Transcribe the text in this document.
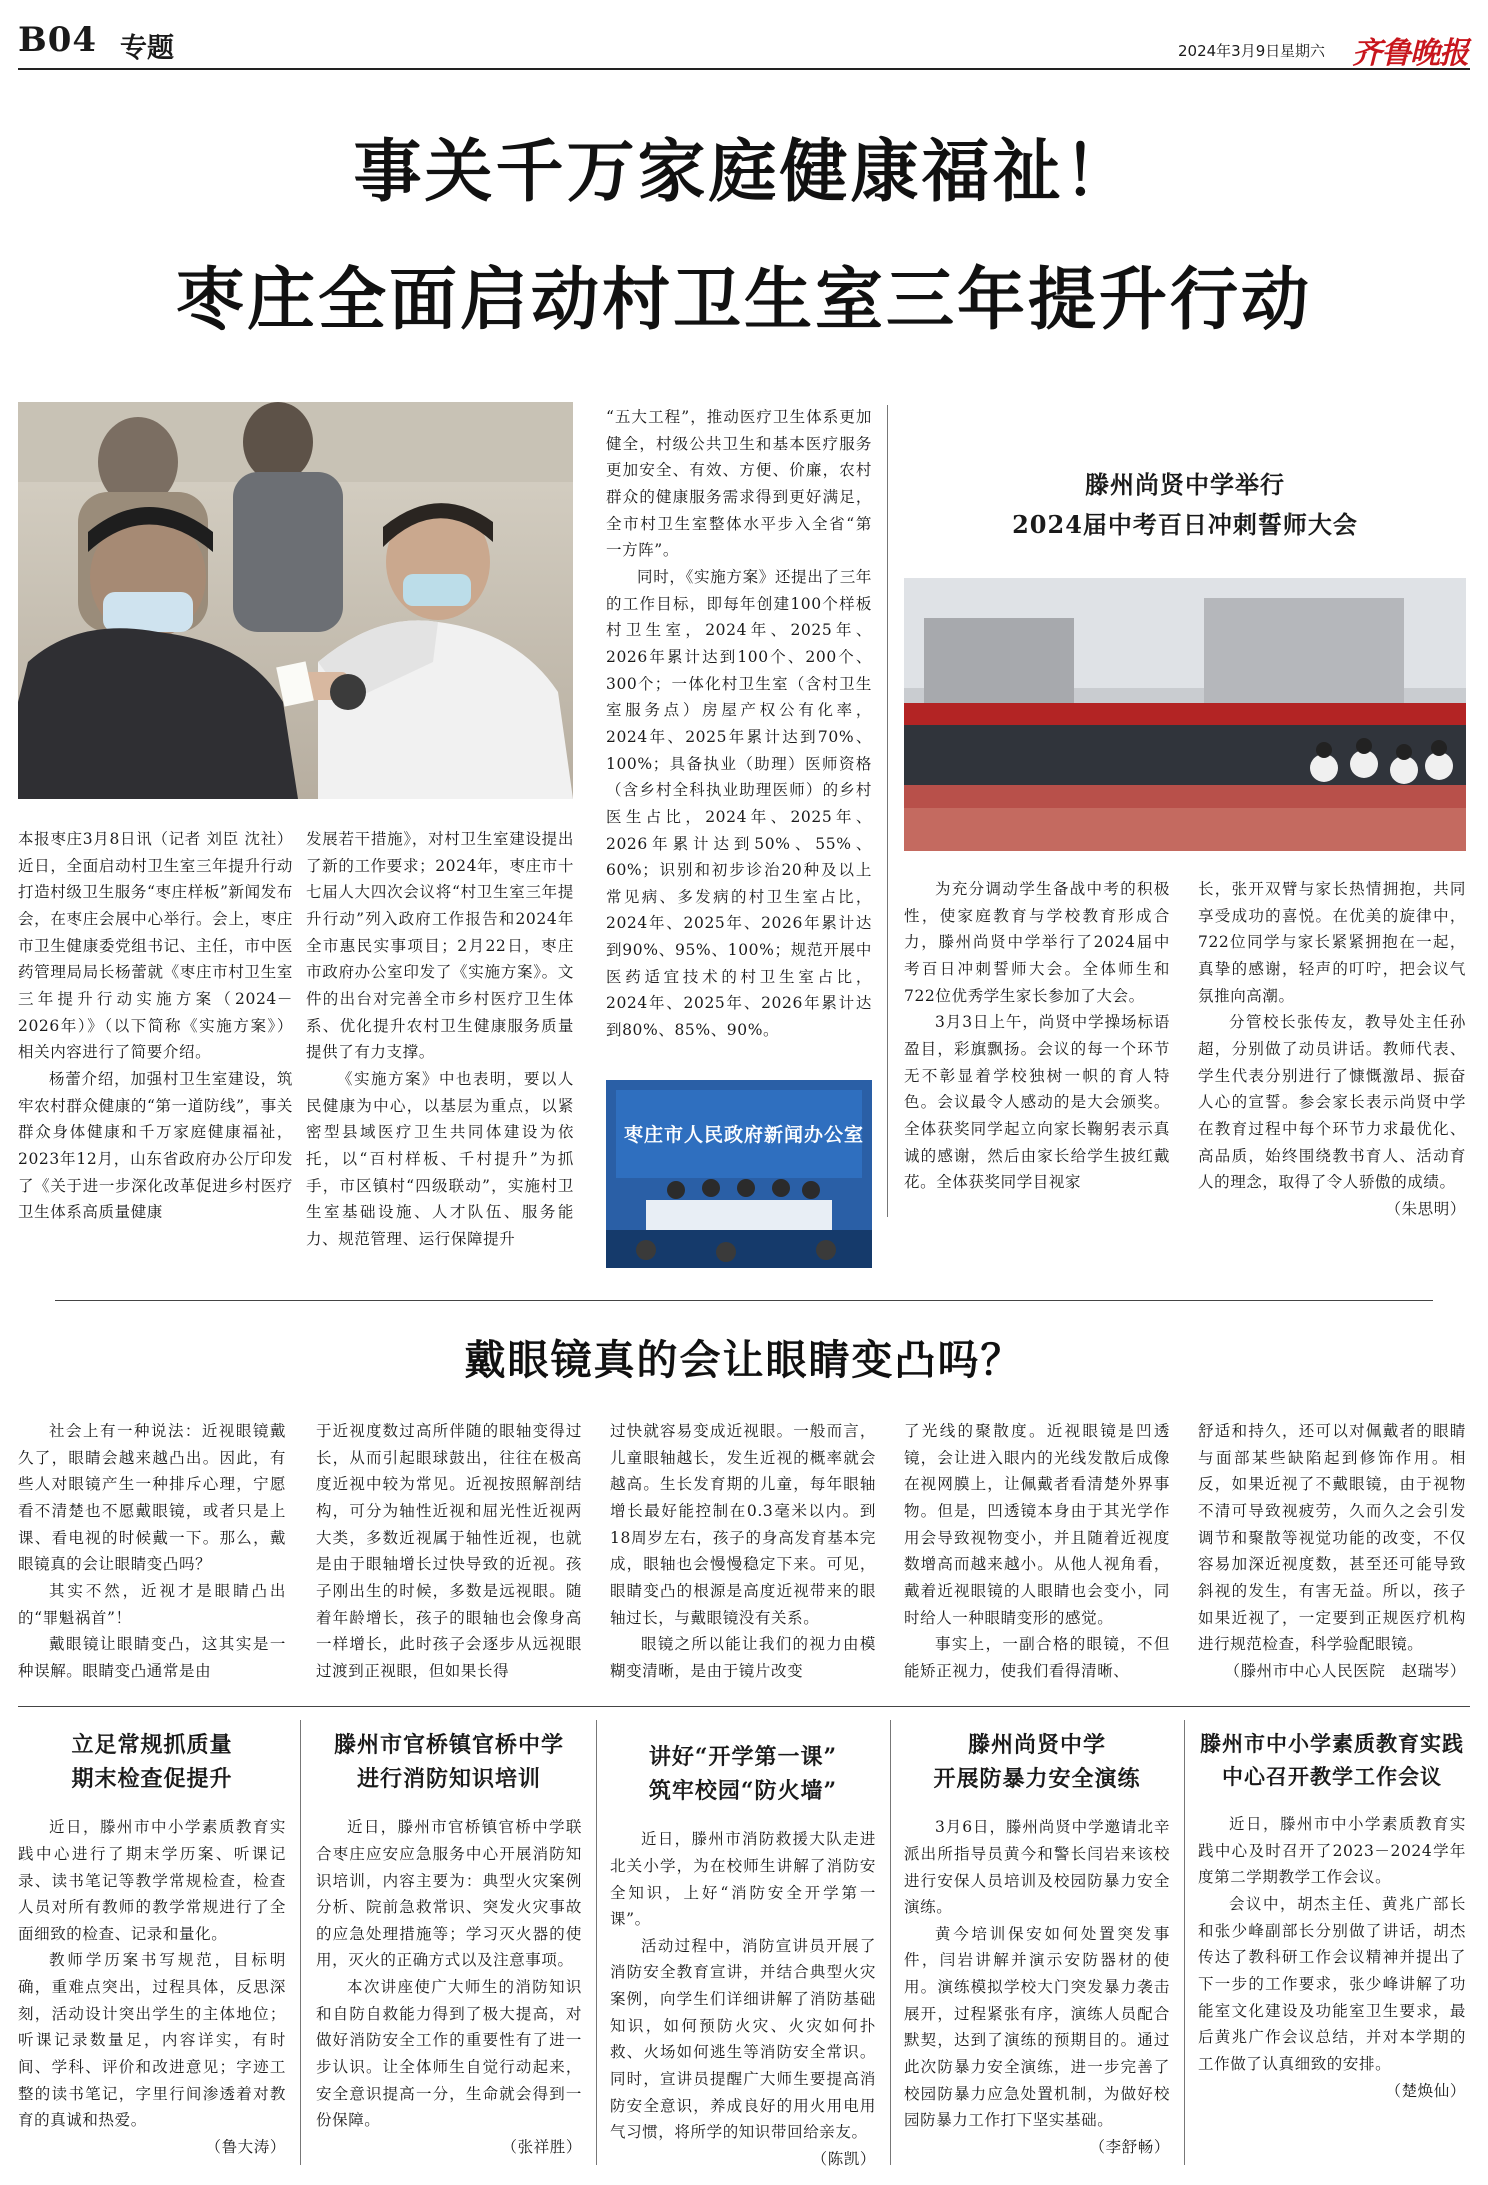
B04 专题	2024年3月9日 星期六 齐鲁晚报
事关千万家庭健康福祉！
枣庄全面启动村卫生室三年提升行动

本报枣庄3月8日讯（记者 刘臣 沈社） 近日，全面启动村卫生室三年提升行动打造村级卫生服务“枣庄样板”新闻发布会，在枣庄会展中心举行。会上，枣庄市卫生健康委党组书记、主任，市中医药管理局局长杨蕾就《枣庄市村卫生室三年提升行动实施方案（2024－2026年）》（以下简称《实施方案》）相关内容进行了简要介绍。

杨蕾介绍，加强村卫生室建设，筑牢农村群众健康的“第一道防线”，事关群众身体健康和千万家庭健康福祉，2023年12月，山东省政府办公厅印发了《关于进一步深化改革促进乡村医疗卫生体系高质量健康

发展若干措施》，对村卫生室建设提出了新的工作要求；2024年，枣庄市十七届人大四次会议将“村卫生室三年提升行动”列入政府工作报告和2024年全市惠民实事项目；2月22日，枣庄市政府办公室印发了《实施方案》。文件的出台对完善全市乡村医疗卫生体系、优化提升农村卫生健康服务质量提供了有力支撑。

《实施方案》中也表明，要以人民健康为中心，以基层为重点，以紧密型县域医疗卫生共同体建设为依托，以“百村样板、千村提升”为抓手，市区镇村“四级联动”，实施村卫生室基础设施、人才队伍、服务能力、规范管理、运行保障提升

“五大工程”，推动医疗卫生体系更加健全，村级公共卫生和基本医疗服务更加安全、有效、方便、价廉，农村群众的健康服务需求得到更好满足，全市村卫生室整体水平步入全省“第一方阵”。

同时，《实施方案》还提出了三年的工作目标，即每年创建100个样板村卫生室，2024年、2025年、2026年累计达到100个、200个、300个；一体化村卫生室（含村卫生室服务点）房屋产权公有化率，2024年、2025年累计达到70%、100%；具备执业（助理）医师资格（含乡村全科执业助理医师）的乡村医生占比，2024年、2025年、2026年累计达到50%、55%、60%；识别和初步诊治20种及以上常见病、多发病的村卫生室占比，2024年、2025年、2026年累计达到90%、95%、100%；规范开展中医药适宜技术的村卫生室占比，2024年、2025年、2026年累计达到80%、85%、90%。

枣庄市人民政府新闻办公室
滕州尚贤中学举行
2024届中考百日冲刺誓师大会

为充分调动学生备战中考的积极性，使家庭教育与学校教育形成合力，滕州尚贤中学举行了2024届中考百日冲刺誓师大会。全体师生和722位优秀学生家长参加了大会。

3月3日上午，尚贤中学操场标语盈目，彩旗飘扬。会议的每一个环节无不彰显着学校独树一帜的育人特色。会议最令人感动的是大会颁奖。全体获奖同学起立向家长鞠躬表示真诚的感谢，然后由家长给学生披红戴花。全体获奖同学目视家

长，张开双臂与家长热情拥抱，共同享受成功的喜悦。在优美的旋律中，722位同学与家长紧紧拥抱在一起，真挚的感谢，轻声的叮咛，把会议气氛推向高潮。

分管校长张传友，教导处主任孙超，分别做了动员讲话。教师代表、学生代表分别进行了慷慨激昂、振奋人心的宣誓。参会家长表示尚贤中学在教育过程中每个环节力求最优化、高品质，始终围绕教书育人、活动育人的理念，取得了令人骄傲的成绩。

（朱思明）
戴眼镜真的会让眼睛变凸吗？

社会上有一种说法：近视眼镜戴久了，眼睛会越来越凸出。因此，有些人对眼镜产生一种排斥心理，宁愿看不清楚也不愿戴眼镜，或者只是上课、看电视的时候戴一下。那么，戴眼镜真的会让眼睛变凸吗？

其实不然，近视才是眼睛凸出的“罪魁祸首”！

戴眼镜让眼睛变凸，这其实是一种误解。眼睛变凸通常是由

于近视度数过高所伴随的眼轴变得过长，从而引起眼球鼓出，往往在极高度近视中较为常见。近视按照解剖结构，可分为轴性近视和屈光性近视两大类，多数近视属于轴性近视，也就是由于眼轴增长过快导致的近视。孩子刚出生的时候，多数是远视眼。随着年龄增长，孩子的眼轴也会像身高一样增长，此时孩子会逐步从远视眼过渡到正视眼，但如果长得

过快就容易变成近视眼。一般而言，儿童眼轴越长，发生近视的概率就会越高。生长发育期的儿童，每年眼轴增长最好能控制在0.3毫米以内。到18周岁左右，孩子的身高发育基本完成，眼轴也会慢慢稳定下来。可见，眼睛变凸的根源是高度近视带来的眼轴过长，与戴眼镜没有关系。

眼镜之所以能让我们的视力由模糊变清晰，是由于镜片改变

了光线的聚散度。近视眼镜是凹透镜，会让进入眼内的光线发散后成像在视网膜上，让佩戴者看清楚外界事物。但是，凹透镜本身由于其光学作用会导致视物变小，并且随着近视度数增高而越来越小。从他人视角看，戴着近视眼镜的人眼睛也会变小，同时给人一种眼睛变形的感觉。

事实上，一副合格的眼镜，不但能矫正视力，使我们看得清晰、

舒适和持久，还可以对佩戴者的眼睛与面部某些缺陷起到修饰作用。相反，如果近视了不戴眼镜，由于视物不清可导致视疲劳，久而久之会引发调节和聚散等视觉功能的改变，不仅容易加深近视度数，甚至还可能导致斜视的发生，有害无益。所以，孩子如果近视了，一定要到正规医疗机构进行规范检查，科学验配眼镜。

（滕州市中心人民医院　赵瑞岑）
立足常规抓质量
期末检查促提升

近日，滕州市中小学素质教育实践中心进行了期末学历案、听课记录、读书笔记等教学常规检查，检查人员对所有教师的教学常规进行了全面细致的检查、记录和量化。

教师学历案书写规范，目标明确，重难点突出，过程具体，反思深刻，活动设计突出学生的主体地位；听课记录数量足，内容详实，有时间、学科、评价和改进意见；字迹工整的读书笔记，字里行间渗透着对教育的真诚和热爱。

（鲁大涛）
滕州市官桥镇官桥中学
进行消防知识培训

近日，滕州市官桥镇官桥中学联合枣庄应安应急服务中心开展消防知识培训，内容主要为：典型火灾案例分析、院前急救常识、突发火灾事故的应急处理措施等；学习灭火器的使用，灭火的正确方式以及注意事项。

本次讲座使广大师生的消防知识和自防自救能力得到了极大提高，对做好消防安全工作的重要性有了进一步认识。让全体师生自觉行动起来，安全意识提高一分，生命就会得到一份保障。

（张祥胜）
讲好“开学第一课”
筑牢校园“防火墙”

近日，滕州市消防救援大队走进北关小学，为在校师生讲解了消防安全知识，上好“消防安全开学第一课”。

活动过程中，消防宣讲员开展了消防安全教育宣讲，并结合典型火灾案例，向学生们详细讲解了消防基础知识，如何预防火灾、火灾如何扑救、火场如何逃生等消防安全常识。同时，宣讲员提醒广大师生要提高消防安全意识，养成良好的用火用电用气习惯，将所学的知识带回给亲友。

（陈凯）
滕州尚贤中学
开展防暴力安全演练

3月6日，滕州尚贤中学邀请北辛派出所指导员黄今和警长闫岩来该校进行安保人员培训及校园防暴力安全演练。

黄今培训保安如何处置突发事件，闫岩讲解并演示安防器材的使用。演练模拟学校大门突发暴力袭击展开，过程紧张有序，演练人员配合默契，达到了演练的预期目的。通过此次防暴力安全演练，进一步完善了校园防暴力应急处置机制，为做好校园防暴力工作打下坚实基础。

（李舒畅）
滕州市中小学素质教育实践
中心召开教学工作会议

近日，滕州市中小学素质教育实践中心及时召开了2023－2024学年度第二学期教学工作会议。

会议中，胡杰主任、黄兆广部长和张少峰副部长分别做了讲话，胡杰传达了教科研工作会议精神并提出了下一步的工作要求，张少峰讲解了功能室文化建设及功能室卫生要求，最后黄兆广作会议总结，并对本学期的工作做了认真细致的安排。

（楚焕仙）
